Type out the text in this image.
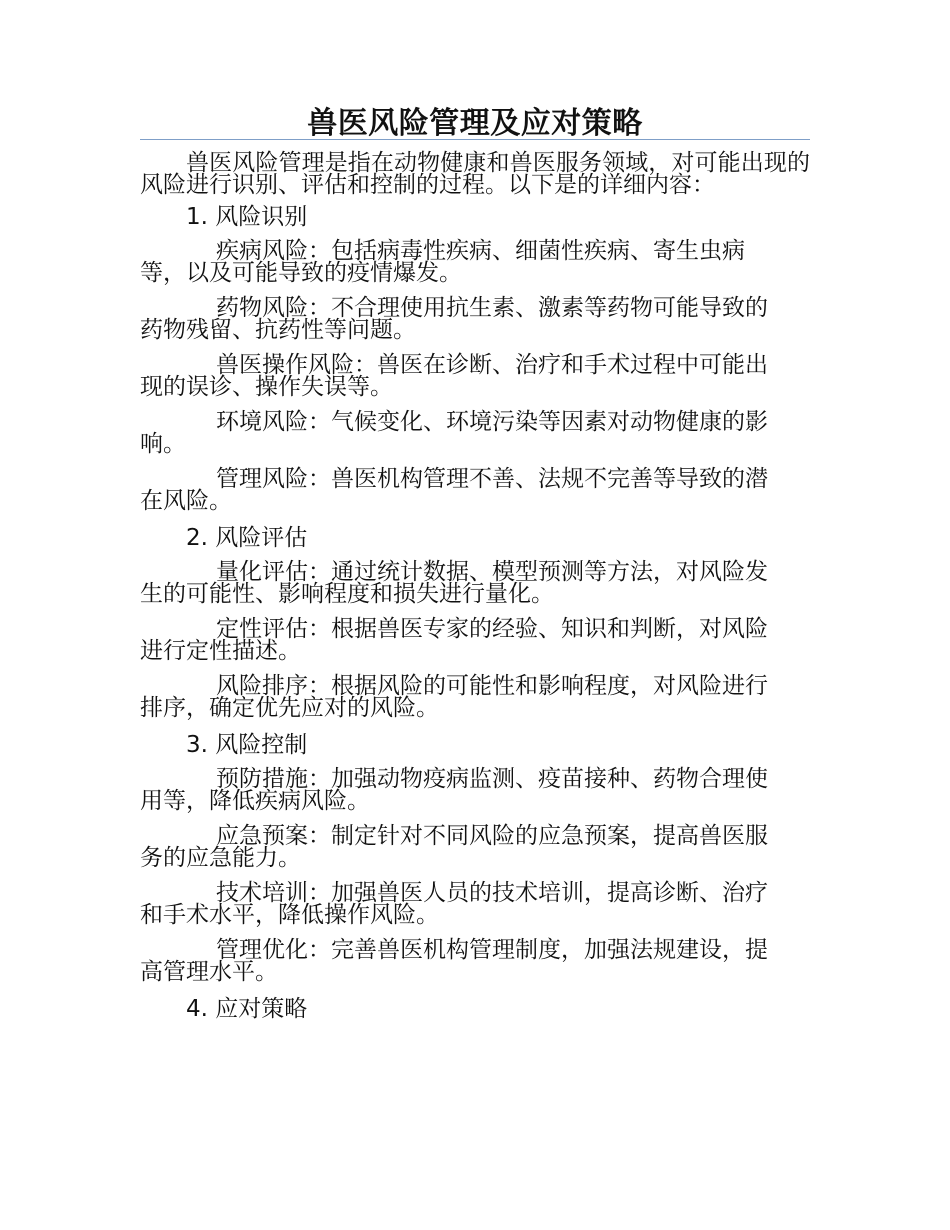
兽医风险管理及应对策略

兽医风险管理是指在动物健康和兽医服务领域，对可能出现的风险进行识别、评估和控制的过程。以下是的详细内容：

1. 风险识别

疾病风险：包括病毒性疾病、细菌性疾病、寄生虫病等，以及可能导致的疫情爆发。

药物风险：不合理使用抗生素、激素等药物可能导致的药物残留、抗药性等问题。

兽医操作风险：兽医在诊断、治疗和手术过程中可能出现的误诊、操作失误等。

环境风险：气候变化、环境污染等因素对动物健康的影响。

管理风险：兽医机构管理不善、法规不完善等导致的潜在风险。

2. 风险评估

量化评估：通过统计数据、模型预测等方法，对风险发生的可能性、影响程度和损失进行量化。

定性评估：根据兽医专家的经验、知识和判断，对风险进行定性描述。

风险排序：根据风险的可能性和影响程度，对风险进行排序，确定优先应对的风险。

3. 风险控制

预防措施：加强动物疫病监测、疫苗接种、药物合理使用等，降低疾病风险。

应急预案：制定针对不同风险的应急预案，提高兽医服务的应急能力。

技术培训：加强兽医人员的技术培训，提高诊断、治疗和手术水平，降低操作风险。

管理优化：完善兽医机构管理制度，加强法规建设，提高管理水平。

4. 应对策略
